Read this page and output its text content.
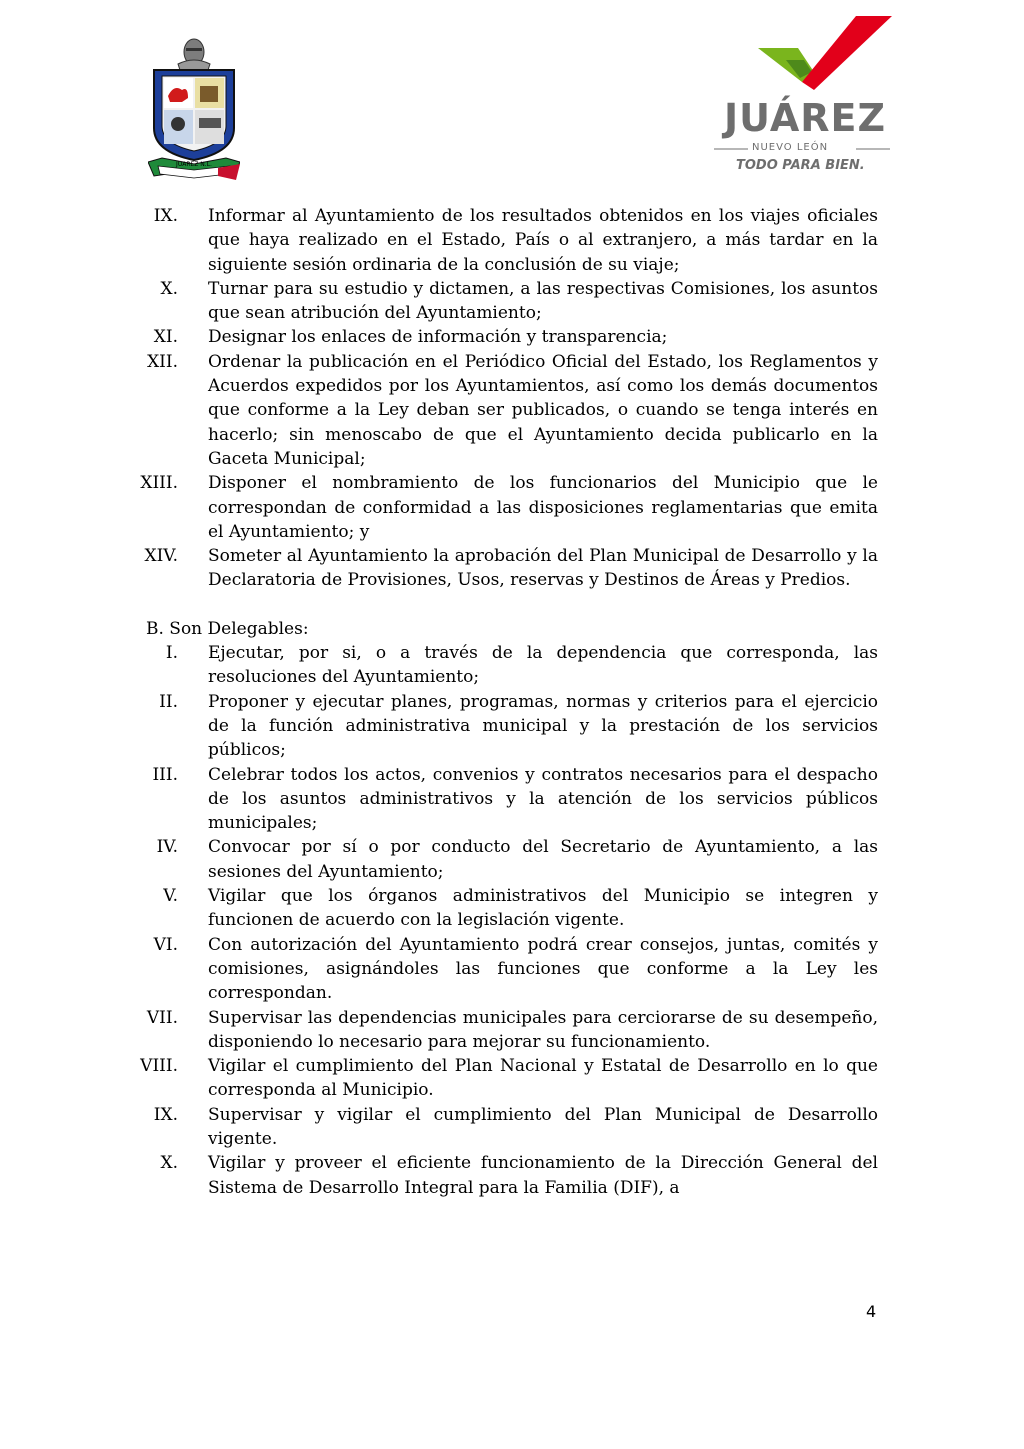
JUAREZ N.L.
JUÁREZ
NUEVO LEÓN
TODO PARA BIEN.
IX. Informar al Ayuntamiento de los resultados obtenidos en los viajes oficiales que haya realizado en el Estado, País o al extranjero, a más tardar en la siguiente sesión ordinaria de la conclusión de su viaje;
X. Turnar para su estudio y dictamen, a las respectivas Comisiones, los asuntos que sean atribución del Ayuntamiento;
XI. Designar los enlaces de información y transparencia;
XII. Ordenar la publicación en el Periódico Oficial del Estado, los Reglamentos y Acuerdos expedidos por los Ayuntamientos, así como los demás documentos que conforme a la Ley deban ser publicados, o cuando se tenga interés en hacerlo; sin menoscabo de que el Ayuntamiento decida publicarlo en la Gaceta Municipal;
XIII. Disponer el nombramiento de los funcionarios del Municipio que le correspondan de conformidad a las disposiciones reglamentarias que emita el Ayuntamiento; y
XIV. Someter al Ayuntamiento la aprobación del Plan Municipal de Desarrollo y la Declaratoria de Provisiones, Usos, reservas y Destinos de Áreas y Predios.
B. Son Delegables:
I. Ejecutar, por si, o a través de la dependencia que corresponda, las resoluciones del Ayuntamiento;
II. Proponer y ejecutar planes, programas, normas y criterios para el ejercicio de la función administrativa municipal y la prestación de los servicios públicos;
III. Celebrar todos los actos, convenios y contratos necesarios para el despacho de los asuntos administrativos y la atención de los servicios públicos municipales;
IV. Convocar por sí o por conducto del Secretario de Ayuntamiento, a las sesiones del Ayuntamiento;
V. Vigilar que los órganos administrativos del Municipio se integren y funcionen de acuerdo con la legislación vigente.
VI. Con autorización del Ayuntamiento podrá crear consejos, juntas, comités y comisiones, asignándoles las funciones que conforme a la Ley les correspondan.
VII. Supervisar las dependencias municipales para cerciorarse de su desempeño, disponiendo lo necesario para mejorar su funcionamiento.
VIII. Vigilar el cumplimiento del Plan Nacional y Estatal de Desarrollo en lo que corresponda al Municipio.
IX. Supervisar y vigilar el cumplimiento del Plan Municipal de Desarrollo vigente.
X. Vigilar y proveer el eficiente funcionamiento de la Dirección General del Sistema de Desarrollo Integral para la Familia (DIF), a
4
